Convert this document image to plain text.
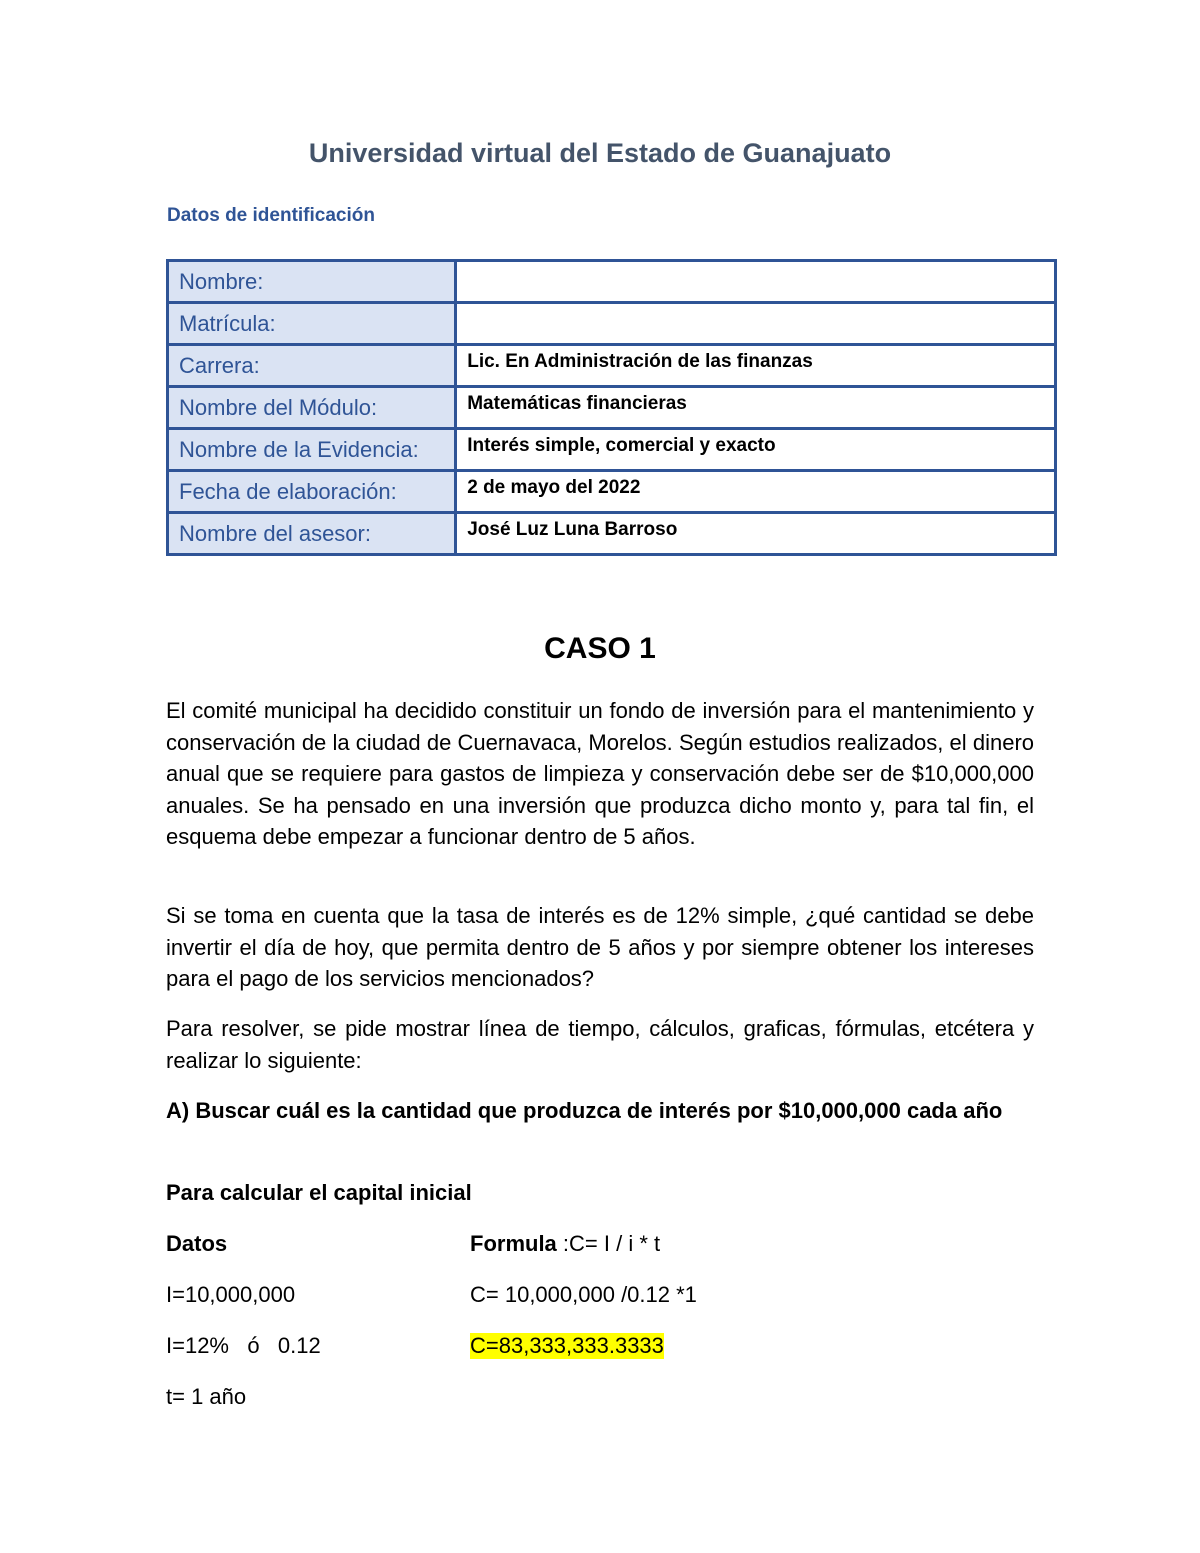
Universidad virtual del Estado de Guanajuato
Datos de identificación
Nombre:	
Matrícula:	
Carrera:	Lic. En Administración de las finanzas
Nombre del Módulo:	Matemáticas financieras
Nombre de la Evidencia:	Interés simple, comercial y exacto
Fecha de elaboración:	2 de mayo del 2022
Nombre del asesor:	José Luz Luna Barroso
CASO 1
El comité municipal ha decidido constituir un fondo de inversión para el mantenimiento y conservación de la ciudad de Cuernavaca, Morelos. Según estudios realizados, el dinero anual que se requiere para gastos de limpieza y conservación debe ser de $10,000,000 anuales. Se ha pensado en una inversión que produzca dicho monto y, para tal fin, el esquema debe empezar a funcionar dentro de 5 años.
Si se toma en cuenta que la tasa de interés es de 12% simple, ¿qué cantidad se debe invertir el día de hoy, que permita dentro de 5 años y por siempre obtener los intereses para el pago de los servicios mencionados?
Para resolver, se pide mostrar línea de tiempo, cálculos, graficas, fórmulas, etcétera y realizar lo siguiente:
A) Buscar cuál es la cantidad que produzca de interés por $10,000,000 cada año
Para calcular el capital inicial
Datos	Formula :C= I / i * t
I=10,000,000	C= 10,000,000 /0.12 *1
I=12%   ó   0.12	C=83,333,333.3333
t= 1 año
